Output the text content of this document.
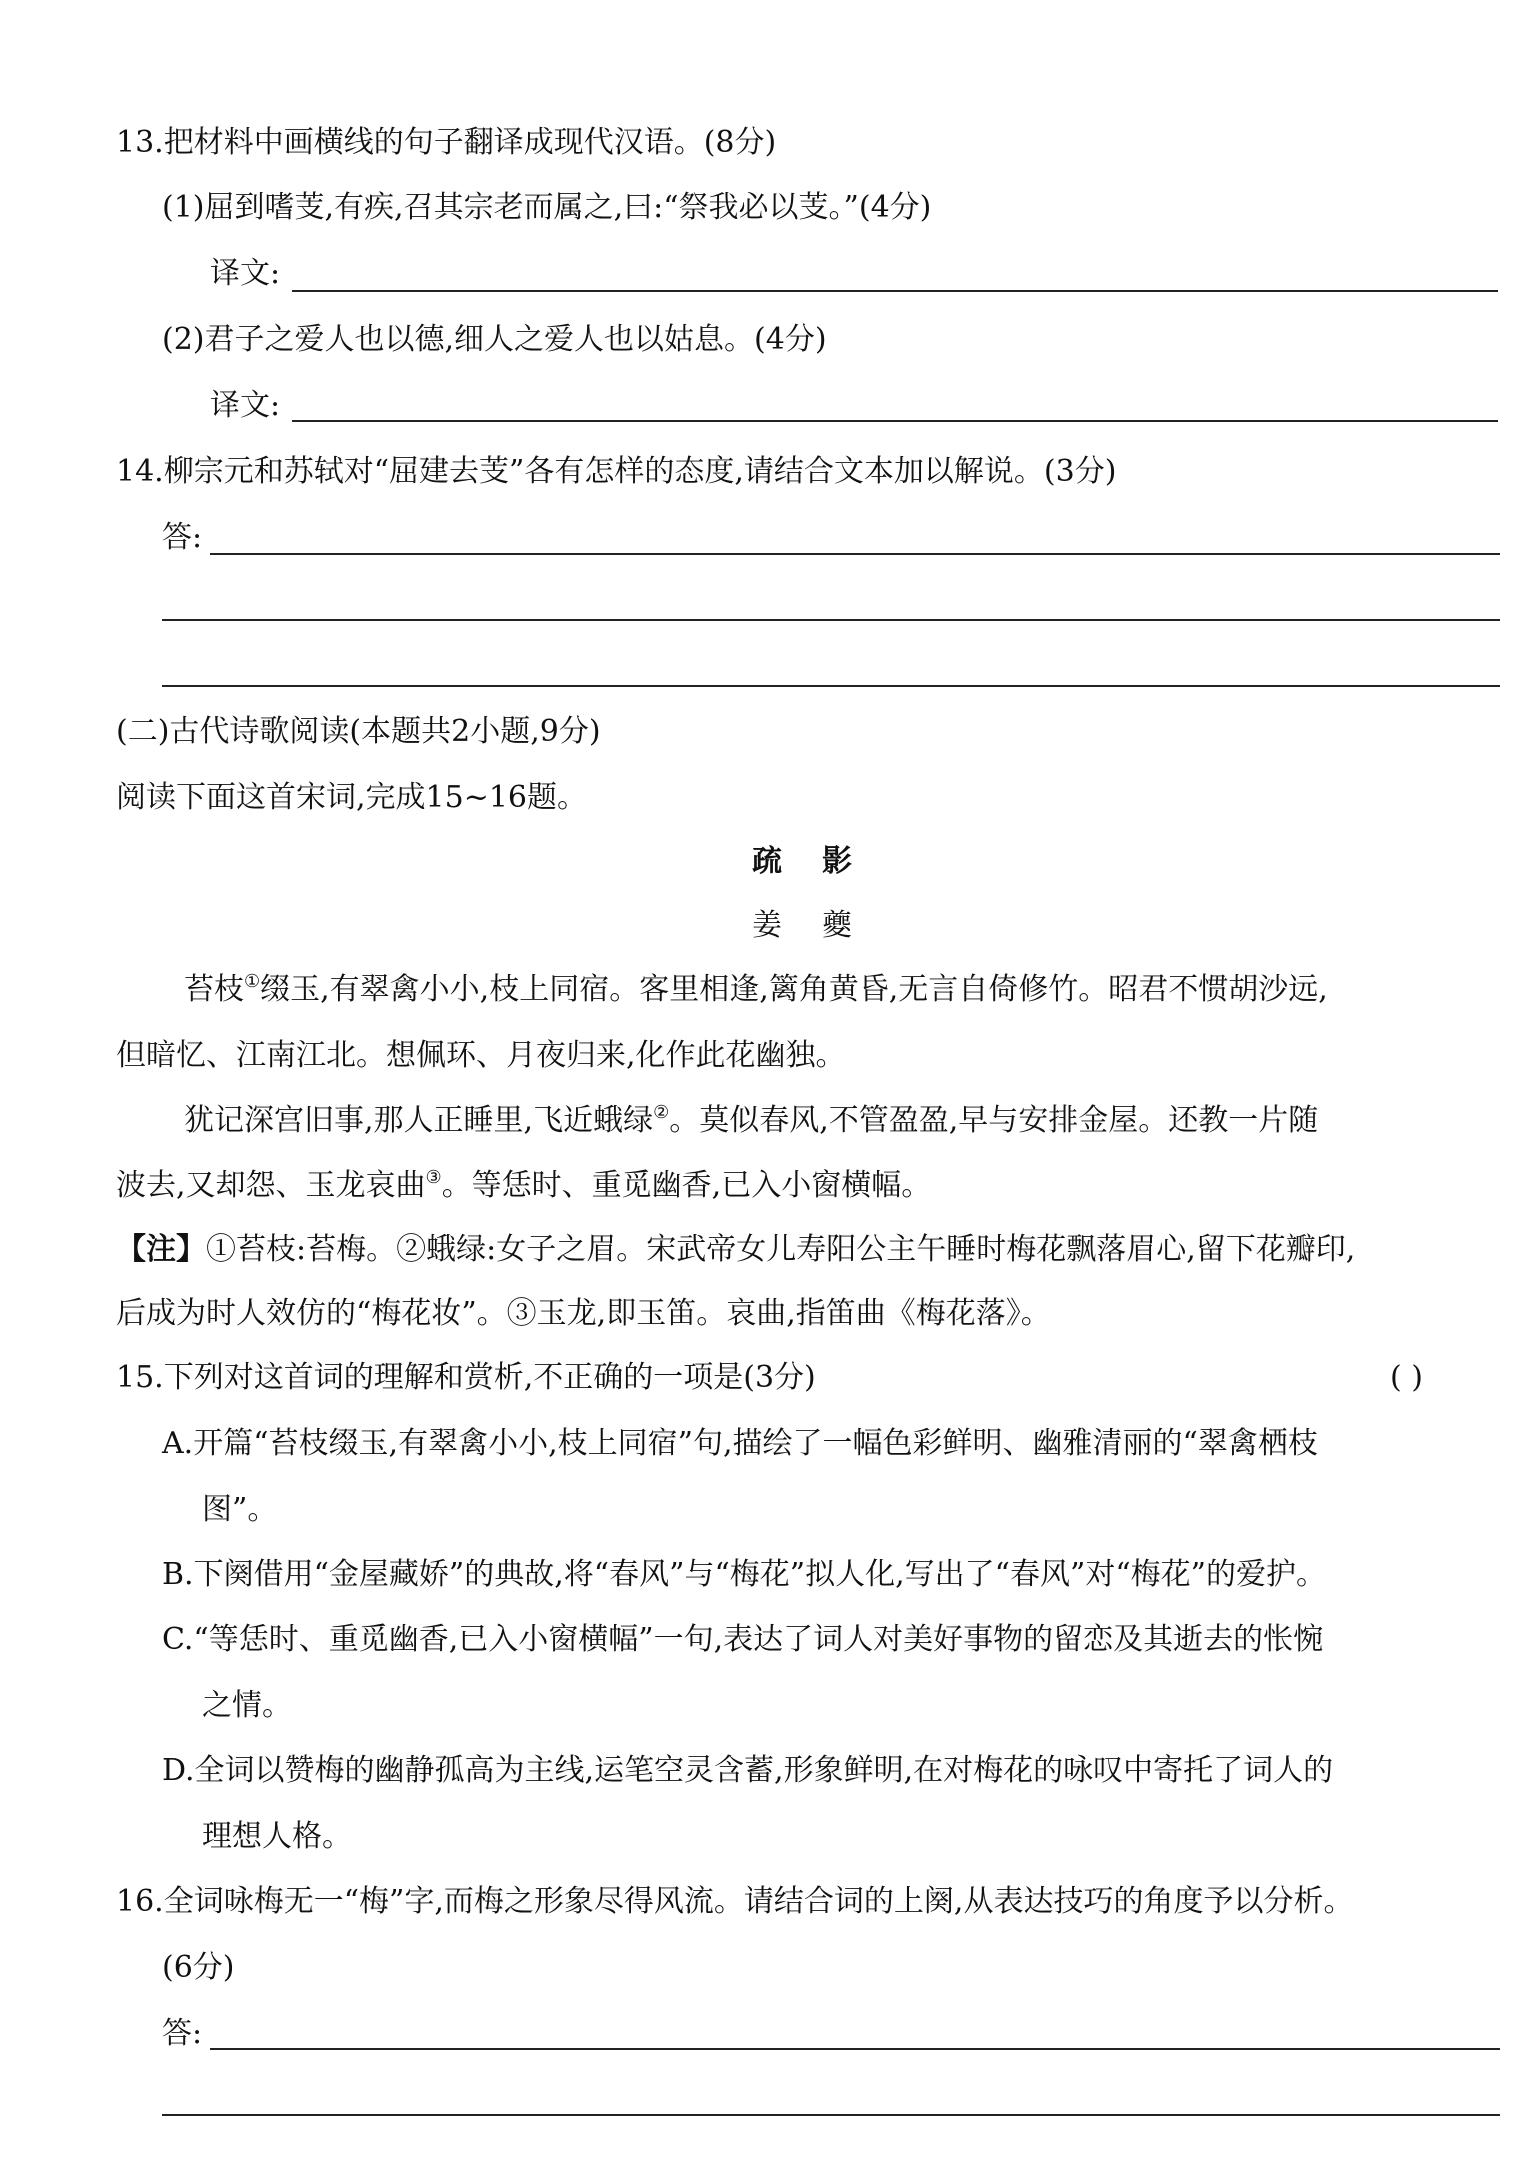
13.把材料中画横线的句子翻译成现代汉语。(8分)
(1)屈到嗜芰,有疾,召其宗老而属之,曰:“祭我必以芰。”(4分)
译文:
(2)君子之爱人也以德,细人之爱人也以姑息。(4分)
译文:
14.柳宗元和苏轼对“屈建去芰”各有怎样的态度,请结合文本加以解说。(3分)
答:
(二)古代诗歌阅读(本题共2小题,9分)
阅读下面这首宋词,完成15~16题。
疏影
姜夔
苔枝①缀玉,有翠禽小小,枝上同宿。客里相逢,篱角黄昏,无言自倚修竹。昭君不惯胡沙远,
但暗忆、江南江北。想佩环、月夜归来,化作此花幽独。
犹记深宫旧事,那人正睡里,飞近蛾绿②。莫似春风,不管盈盈,早与安排金屋。还教一片随
波去,又却怨、玉龙哀曲③。等恁时、重觅幽香,已入小窗横幅。
【注】①苔枝:苔梅。②蛾绿:女子之眉。宋武帝女儿寿阳公主午睡时梅花飘落眉心,留下花瓣印,
后成为时人效仿的“梅花妆”。③玉龙,即玉笛。哀曲,指笛曲《梅花落》。
15.下列对这首词的理解和赏析,不正确的一项是(3分)	( )
A.开篇“苔枝缀玉,有翠禽小小,枝上同宿”句,描绘了一幅色彩鲜明、幽雅清丽的“翠禽栖枝
图”。
B.下阕借用“金屋藏娇”的典故,将“春风”与“梅花”拟人化,写出了“春风”对“梅花”的爱护。
C.“等恁时、重觅幽香,已入小窗横幅”一句,表达了词人对美好事物的留恋及其逝去的怅惋
之情。
D.全词以赞梅的幽静孤高为主线,运笔空灵含蓄,形象鲜明,在对梅花的咏叹中寄托了词人的
理想人格。
16.全词咏梅无一“梅”字,而梅之形象尽得风流。请结合词的上阕,从表达技巧的角度予以分析。
(6分)
答:
